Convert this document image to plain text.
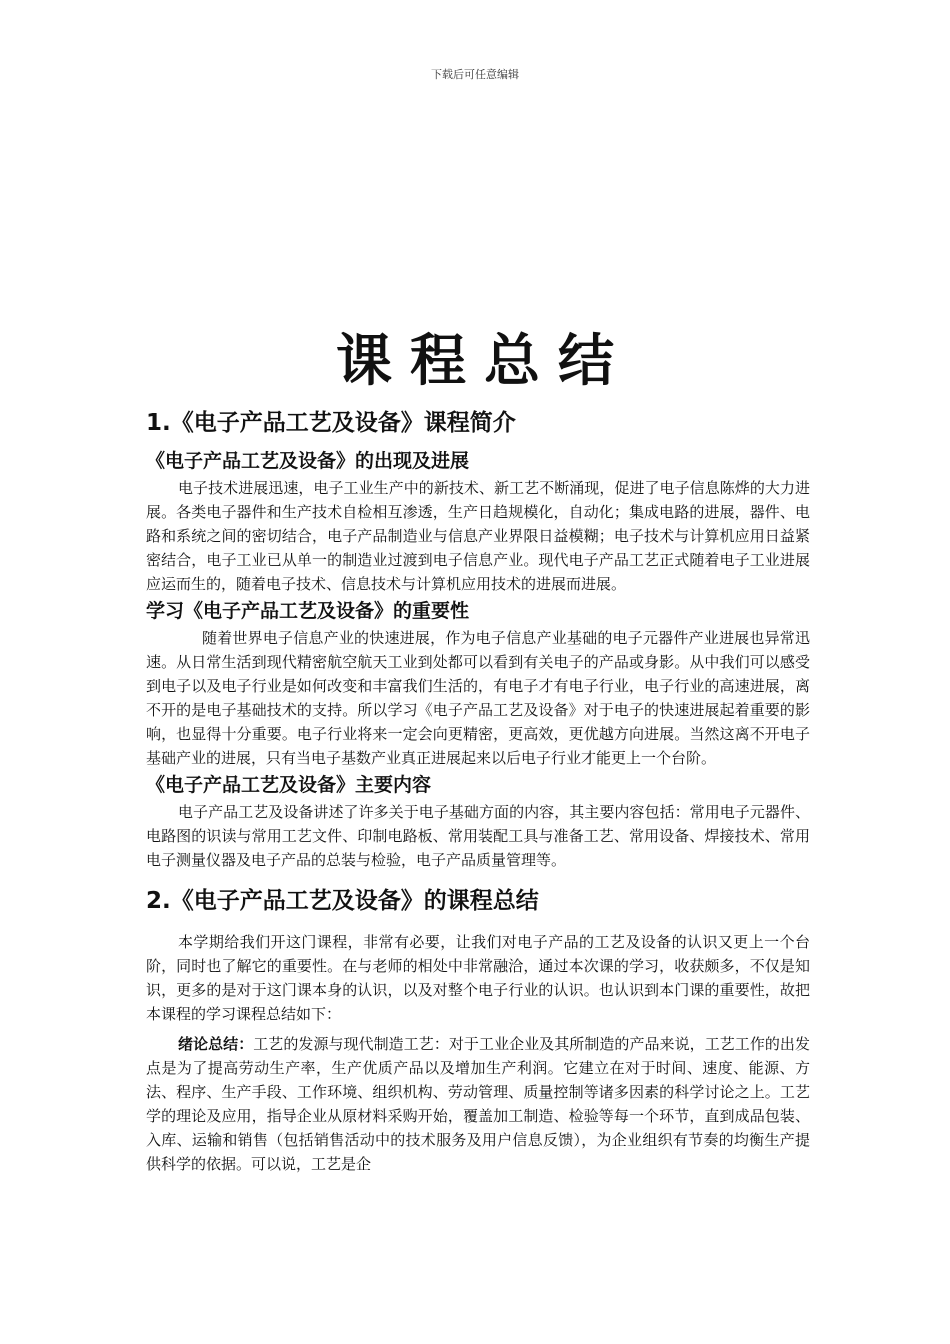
下载后可任意编辑
课程总结
1.《电子产品工艺及设备》课程简介
《电子产品工艺及设备》的出现及进展

电子技术进展迅速，电子工业生产中的新技术、新工艺不断涌现，促进了电子信息陈烨的大力进展。各类电子器件和生产技术自检相互渗透，生产日趋规模化，自动化；集成电路的进展，器件、电路和系统之间的密切结合，电子产品制造业与信息产业界限日益模糊；电子技术与计算机应用日益紧密结合，电子工业已从单一的制造业过渡到电子信息产业。现代电子产品工艺正式随着电子工业进展应运而生的，随着电子技术、信息技术与计算机应用技术的进展而进展。

学习《电子产品工艺及设备》的重要性

随着世界电子信息产业的快速进展，作为电子信息产业基础的电子元器件产业进展也异常迅速。从日常生活到现代精密航空航天工业到处都可以看到有关电子的产品或身影。从中我们可以感受到电子以及电子行业是如何改变和丰富我们生活的，有电子才有电子行业，电子行业的高速进展，离不开的是电子基础技术的支持。所以学习《电子产品工艺及设备》对于电子的快速进展起着重要的影响，也显得十分重要。电子行业将来一定会向更精密，更高效，更优越方向进展。当然这离不开电子基础产业的进展，只有当电子基数产业真正进展起来以后电子行业才能更上一个台阶。

《电子产品工艺及设备》主要内容

电子产品工艺及设备讲述了许多关于电子基础方面的内容，其主要内容包括：常用电子元器件、电路图的识读与常用工艺文件、印制电路板、常用装配工具与准备工艺、常用设备、焊接技术、常用电子测量仪器及电子产品的总装与检验，电子产品质量管理等。

2.《电子产品工艺及设备》的课程总结

本学期给我们开这门课程，非常有必要，让我们对电子产品的工艺及设备的认识又更上一个台阶，同时也了解它的重要性。在与老师的相处中非常融洽，通过本次课的学习，收获颇多，不仅是知识，更多的是对于这门课本身的认识，以及对整个电子行业的认识。也认识到本门课的重要性，故把本课程的学习课程总结如下：

绪论总结：工艺的发源与现代制造工艺：对于工业企业及其所制造的产品来说，工艺工作的出发点是为了提高劳动生产率，生产优质产品以及增加生产利润。它建立在对于时间、速度、能源、方法、程序、生产手段、工作环境、组织机构、劳动管理、质量控制等诸多因素的科学讨论之上。工艺学的理论及应用，指导企业从原材料采购开始，覆盖加工制造、检验等每一个环节，直到成品包装、入库、运输和销售（包括销售活动中的技术服务及用户信息反馈），为企业组织有节奏的均衡生产提供科学的依据。可以说，工艺是企
